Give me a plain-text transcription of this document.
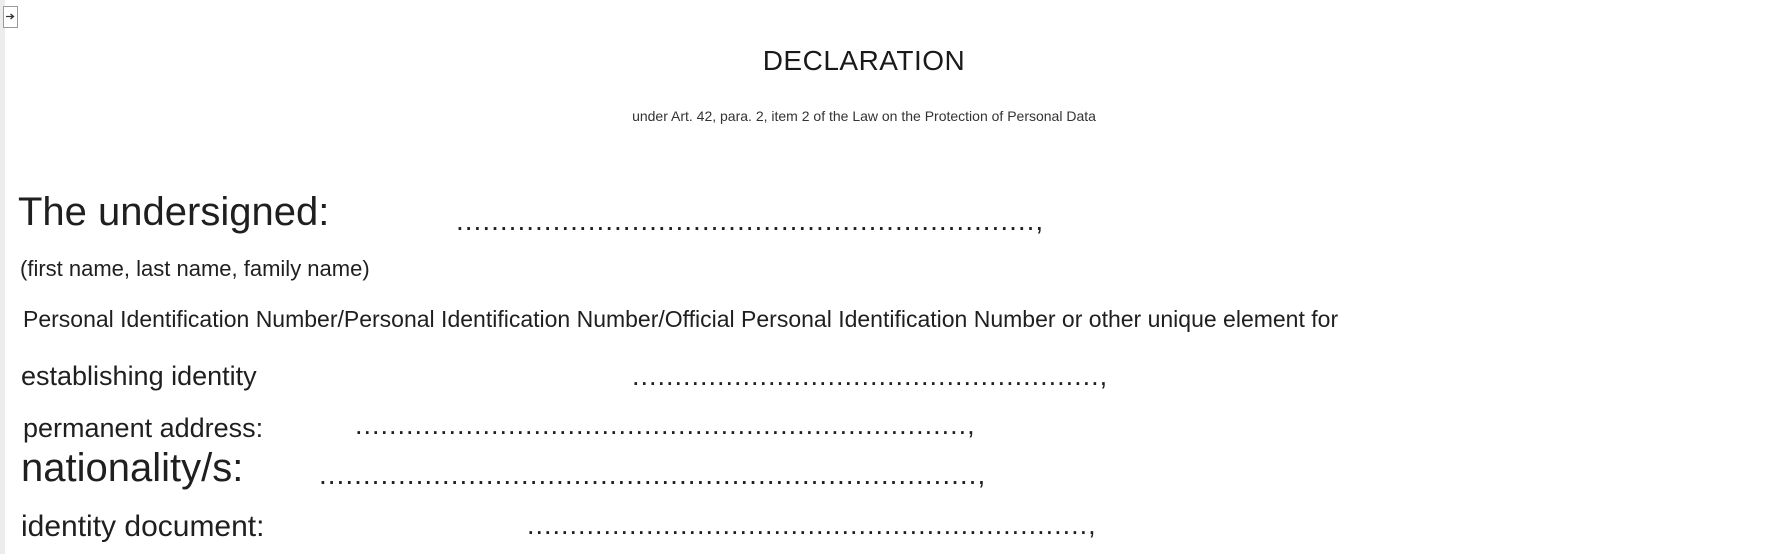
DECLARATION
under Art. 42, para. 2, item 2 of the Law on the Protection of Personal Data
The undersigned:	..................................................................,
(first name, last name, family name)
Personal Identification Number/Personal Identification Number/Official Personal Identification Number or other unique element for
establishing identity	.......................................................,
permanent address:	........................................................................,
nationality/s:	...........................................................................,
identity document:	..................................................................,
